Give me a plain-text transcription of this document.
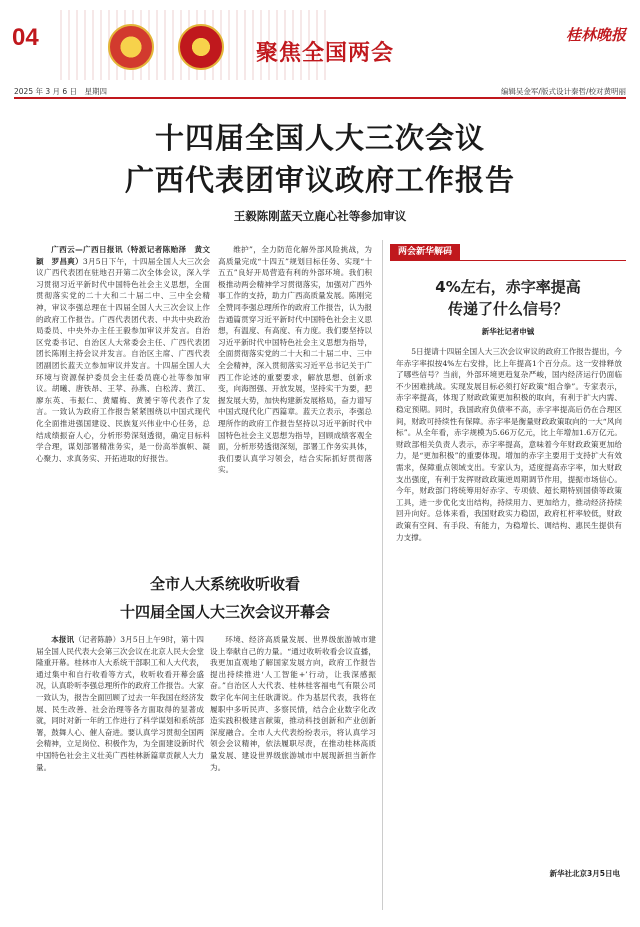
04
聚焦全国两会
桂林晚报
2025 年 3 月 6 日　星期四	编辑吴金军/版式设计秦哲/校对黄明丽
十四届全国人大三次会议
广西代表团审议政府工作报告
王毅陈刚蓝天立鹿心社等参加审议

广西云—广西日报讯（特派记者陈贻泽　黄文颖　罗昌爽）3月5日下午，十四届全国人大三次会议广西代表团在驻地召开第二次全体会议，深入学习贯彻习近平新时代中国特色社会主义思想，全面贯彻落实党的二十大和二十届二中、三中全会精神，审议李强总理在十四届全国人大三次会议上作的政府工作报告。广西代表团代表、中共中央政治局委员、中央外办主任王毅参加审议并发言。自治区党委书记、自治区人大常委会主任、广西代表团团长陈刚主持会议并发言。自治区主席、广西代表团副团长蓝天立参加审议并发言。十四届全国人大环境与资源保护委员会主任委员鹿心社等参加审议。胡曦、唐铁昂、王苹、孙燕、白松涛、黄江、廖东英、韦振仁、黄耀梅、黄赟宇等代表作了发言。一致认为政府工作报告紧紧围绕以中国式现代化全面推进强国建设、民族复兴伟业中心任务，总结成绩振奋人心，分析形势深刻透彻，确定目标科学合理，谋划部署精准务实，是一份高举旗帜、凝心聚力、求真务实、开拓进取的好报告。

维护”，全力防范化解外部风险挑战，为高质量完成“十四五”规划目标任务、实现“十五五”良好开局营造有利的外部环境。我们积极推动两会精神学习贯彻落实，加强对广西外事工作的支持，助力广西高质量发展。陈刚完全赞同李强总理所作的政府工作报告，认为报告通篇贯穿习近平新时代中国特色社会主义思想，有温度、有高度、有力度。我们要坚持以习近平新时代中国特色社会主义思想为指导，全面贯彻落实党的二十大和二十届二中、三中全会精神，深入贯彻落实习近平总书记关于广西工作论述的重要要求，解放思想、创新求变，向海图强、开放发展，坚持实干为要，把握发展大势，加快构建新发展格局，奋力谱写中国式现代化广西篇章。蓝天立表示，李强总理所作的政府工作报告坚持以习近平新时代中国特色社会主义思想为指导，回顾成绩客观全面，分析形势透彻深刻，部署工作务实具体，我们要认真学习领会，结合实际抓好贯彻落实。

全市人大系统收听收看
十四届全国人大三次会议开幕会

本报讯（记者陈静）3月5日上午9时，第十四届全国人民代表大会第三次会议在北京人民大会堂隆重开幕。桂林市人大系统干部职工和人大代表，通过集中和自行收看等方式，收听收看开幕会盛况，认真聆听李强总理所作的政府工作报告。大家一致认为，报告全面回顾了过去一年我国在经济发展、民生改善、社会治理等各方面取得的显著成就，同时对新一年的工作进行了科学谋划和系统部署，鼓舞人心、催人奋进。要认真学习贯彻全国两会精神，立足岗位、积极作为，为全面建设新时代中国特色社会主义壮美广西桂林新篇章贡献人大力量。

环境、经济高质量发展、世界级旅游城市建设上奉献自己的力量。“通过收听收看会议直播，我更加直观地了解国家发展方向，政府工作报告提出持续推进‘人工智能+’行动，让我深感振奋。”自治区人大代表、桂林桂客福电气有限公司数字化车间主任耿潇说。作为基层代表，我将在履职中多听民声、多察民情，结合企业数字化改造实践积极建言献策，推动科技创新和产业创新深度融合。全市人大代表纷纷表示，将认真学习领会会议精神，依法履职尽责，在推动桂林高质量发展、建设世界级旅游城市中展现新担当新作为。

两会新华解码
4%左右，赤字率提高
传递了什么信号？
新华社记者申铖

5日提请十四届全国人大三次会议审议的政府工作报告提出，今年赤字率拟按4%左右安排，比上年提高1个百分点。这一安排释放了哪些信号？当前，外部环境更趋复杂严峻，国内经济运行仍面临不少困难挑战。实现发展目标必须打好政策“组合拳”。专家表示，赤字率提高，体现了财政政策更加积极的取向，有利于扩大内需、稳定预期。同时，我国政府负债率不高，赤字率提高后仍在合理区间，财政可持续性有保障。赤字率是衡量财政政策取向的一大“风向标”。从全年看，赤字规模为5.66万亿元，比上年增加1.6万亿元。财政部相关负责人表示，赤字率提高，意味着今年财政政策更加给力，是“更加积极”的重要体现。增加的赤字主要用于支持扩大有效需求，保障重点领域支出。专家认为，适度提高赤字率，加大财政支出强度，有利于发挥财政政策逆周期调节作用，提振市场信心。今年，财政部门将统筹用好赤字、专项债、超长期特别国债等政策工具，进一步优化支出结构，持续用力、更加给力，推动经济持续回升向好。总体来看，我国财政实力稳固，政府杠杆率较低，财政政策有空间、有手段、有能力，为稳增长、调结构、惠民生提供有力支撑。

新华社北京3月5日电
